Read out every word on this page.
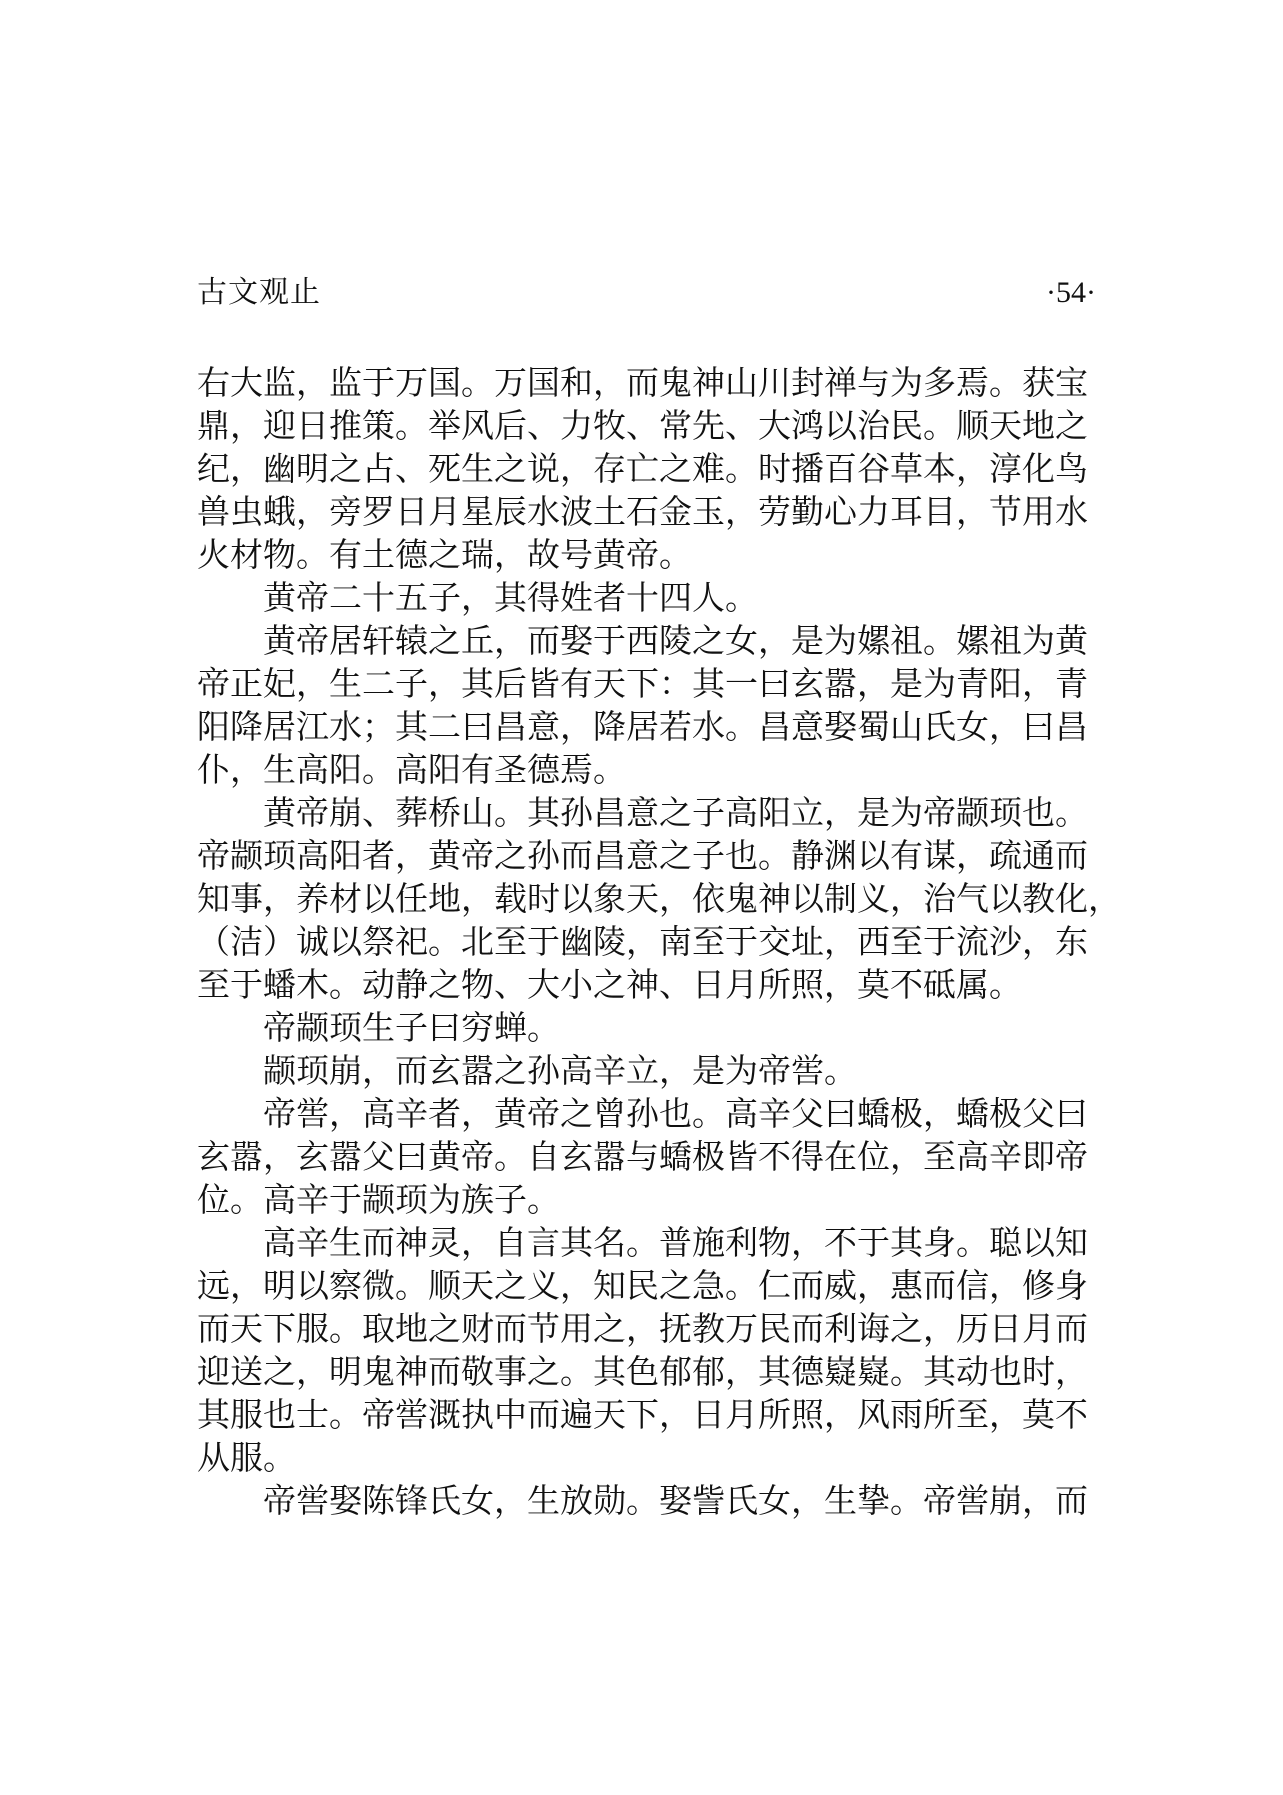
古文观止	·54·
右大监，监于万国。万国和，而鬼神山川封禅与为多焉。获宝
鼎，迎日推策。举风后、力牧、常先、大鸿以治民。顺天地之
纪，幽明之占、死生之说，存亡之难。时播百谷草本，淳化鸟
兽虫蛾，旁罗日月星辰水波土石金玉，劳勤心力耳目，节用水
火材物。有土德之瑞，故号黄帝。
黄帝二十五子，其得姓者十四人。
黄帝居轩辕之丘，而娶于西陵之女，是为嫘祖。嫘祖为黄
帝正妃，生二子，其后皆有天下：其一曰玄嚣，是为青阳，青
阳降居江水；其二曰昌意，降居若水。昌意娶蜀山氏女，曰昌
仆，生高阳。高阳有圣德焉。
黄帝崩、葬桥山。其孙昌意之子高阳立，是为帝颛顼也。
帝颛顼高阳者，黄帝之孙而昌意之子也。静渊以有谋，疏通而
知事，养材以任地，载时以象天，依鬼神以制义，治气以教化，
（洁）诚以祭祀。北至于幽陵，南至于交址，西至于流沙，东
至于蟠木。动静之物、大小之神、日月所照，莫不砥属。
帝颛顼生子曰穷蝉。
颛顼崩，而玄嚣之孙高辛立，是为帝喾。
帝喾，高辛者，黄帝之曾孙也。高辛父曰蟜极，蟜极父曰
玄嚣，玄嚣父曰黄帝。自玄嚣与蟜极皆不得在位，至高辛即帝
位。高辛于颛顼为族子。
高辛生而神灵，自言其名。普施利物，不于其身。聪以知
远，明以察微。顺天之义，知民之急。仁而威，惠而信，修身
而天下服。取地之财而节用之，抚教万民而利诲之，历日月而
迎送之，明鬼神而敬事之。其色郁郁，其德嶷嶷。其动也时，
其服也士。帝喾溉执中而遍天下，日月所照，风雨所至，莫不
从服。
帝喾娶陈锋氏女，生放勋。娶訾氏女，生挚。帝喾崩，而
